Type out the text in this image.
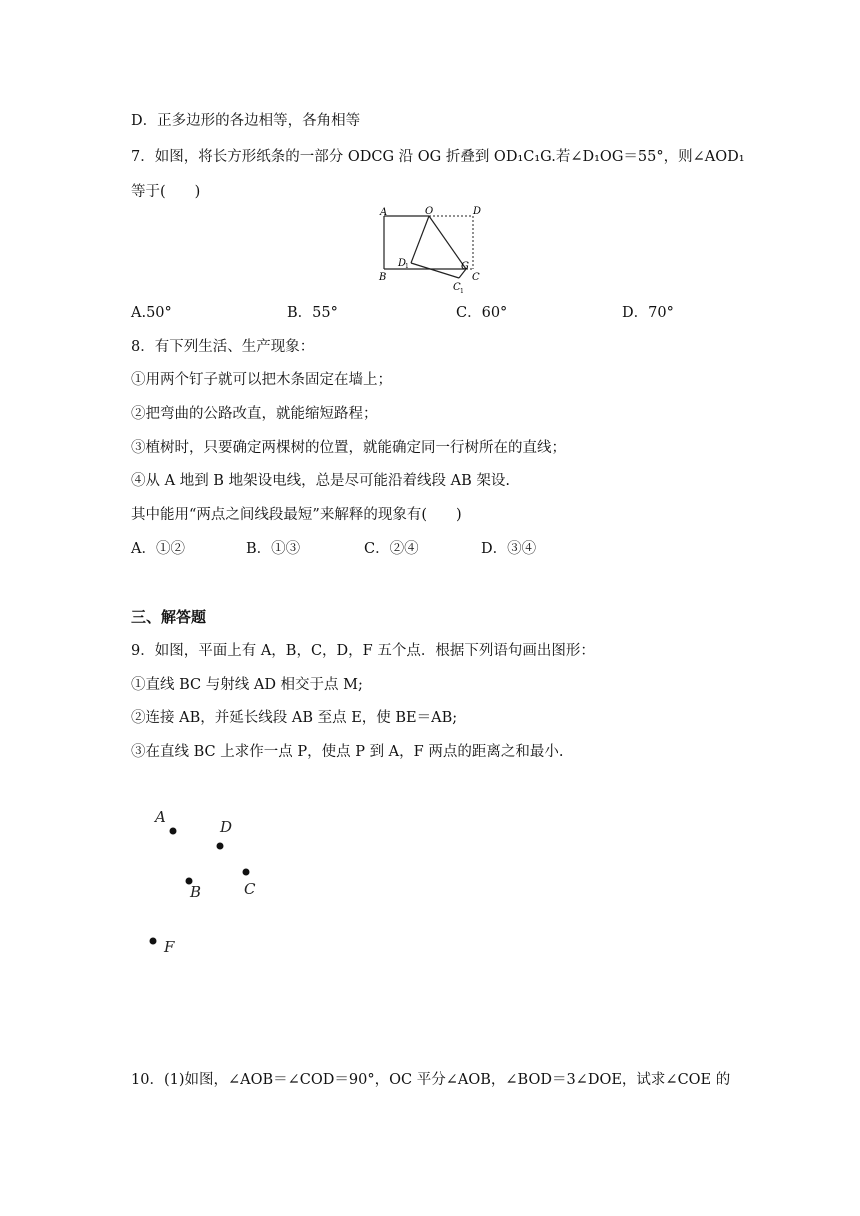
D．正多边形的各边相等，各角相等
7．如图，将长方形纸条的一部分 ODCG 沿 OG 折叠到 OD₁C₁G.若∠D₁OG＝55°，则∠AOD₁
等于(　　)
A	O	D
B
D
1	G
C
C 1
A.50°	B．55°	C．60°	D．70°
8．有下列生活、生产现象：
①用两个钉子就可以把木条固定在墙上；
②把弯曲的公路改直，就能缩短路程；
③植树时，只要确定两棵树的位置，就能确定同一行树所在的直线；
④从 A 地到 B 地架设电线，总是尽可能沿着线段 AB 架设.
其中能用“两点之间线段最短”来解释的现象有(　　)
A．①②	B．①③	C．②④	D．③④
三、解答题
9．如图，平面上有 A，B，C，D，F 五个点．根据下列语句画出图形：
①直线 BC 与射线 AD 相交于点 M;
②连接 AB，并延长线段 AB 至点 E，使 BE＝AB;
③在直线 BC 上求作一点 P，使点 P 到 A，F 两点的距离之和最小.
A
D
B	C
F
10．(1)如图，∠AOB＝∠COD＝90°，OC 平分∠AOB，∠BOD＝3∠DOE，试求∠COE 的
